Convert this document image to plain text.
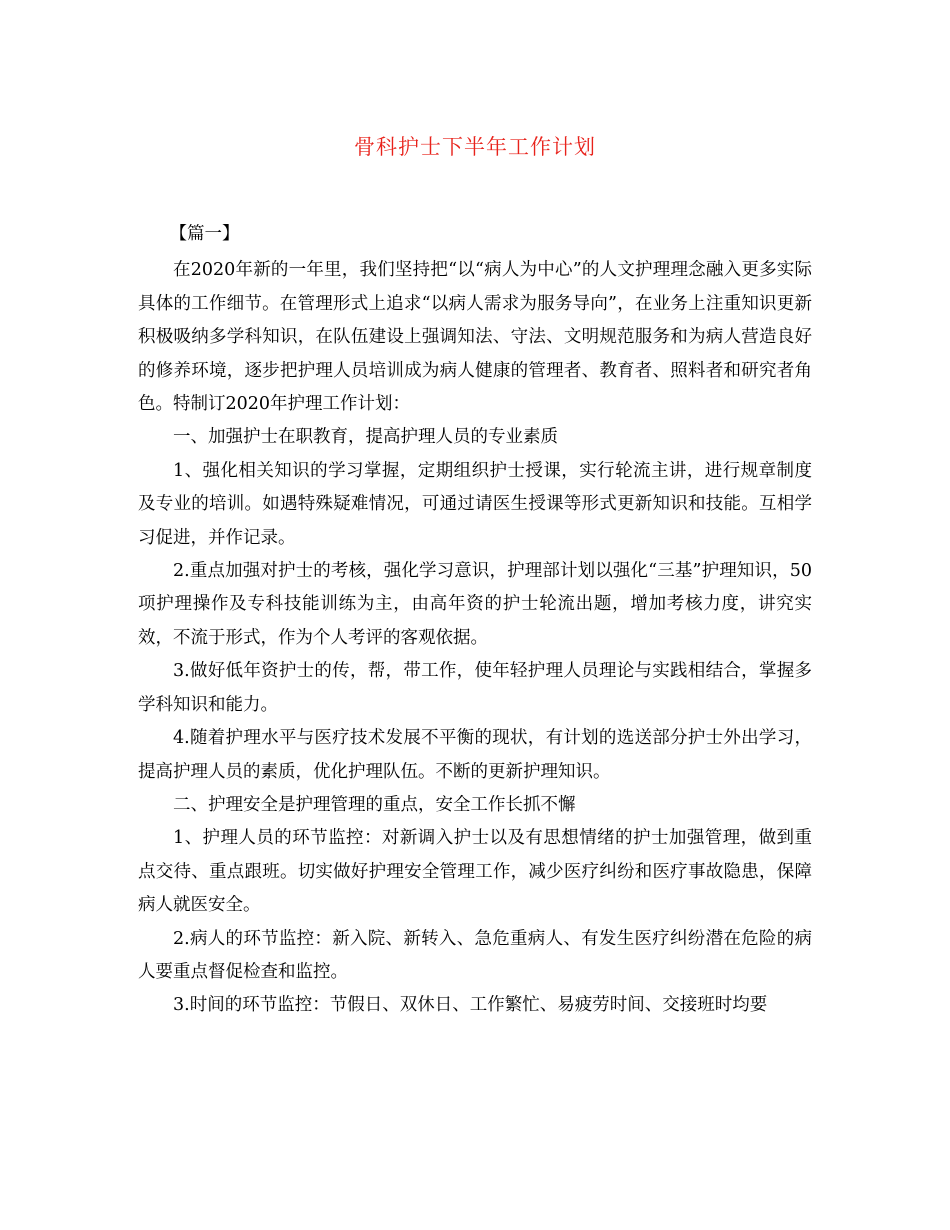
骨科护士下半年工作计划

【篇一】

在2020年新的一年里，我们坚持把“以“病人为中心”的人文护理理念融入更多实际具体的工作细节。在管理形式上追求“以病人需求为服务导向”，在业务上注重知识更新积极吸纳多学科知识，在队伍建设上强调知法、守法、文明规范服务和为病人营造良好的修养环境，逐步把护理人员培训成为病人健康的管理者、教育者、照料者和研究者角色。特制订2020年护理工作计划：

一、加强护士在职教育，提高护理人员的专业素质

1、强化相关知识的学习掌握，定期组织护士授课，实行轮流主讲，进行规章制度及专业的培训。如遇特殊疑难情况，可通过请医生授课等形式更新知识和技能。互相学习促进，并作记录。

2.重点加强对护士的考核，强化学习意识，护理部计划以强化“三基”护理知识，50项护理操作及专科技能训练为主，由高年资的护士轮流出题，增加考核力度，讲究实效，不流于形式，作为个人考评的客观依据。

3.做好低年资护士的传，帮，带工作，使年轻护理人员理论与实践相结合，掌握多学科知识和能力。

4.随着护理水平与医疗技术发展不平衡的现状，有计划的选送部分护士外出学习，提高护理人员的素质，优化护理队伍。不断的更新护理知识。

二、护理安全是护理管理的重点，安全工作长抓不懈

1、护理人员的环节监控：对新调入护士以及有思想情绪的护士加强管理，做到重点交待、重点跟班。切实做好护理安全管理工作，减少医疗纠纷和医疗事故隐患，保障病人就医安全。

2.病人的环节监控：新入院、新转入、急危重病人、有发生医疗纠纷潜在危险的病人要重点督促检查和监控。

3.时间的环节监控：节假日、双休日、工作繁忙、易疲劳时间、交接班时均要
